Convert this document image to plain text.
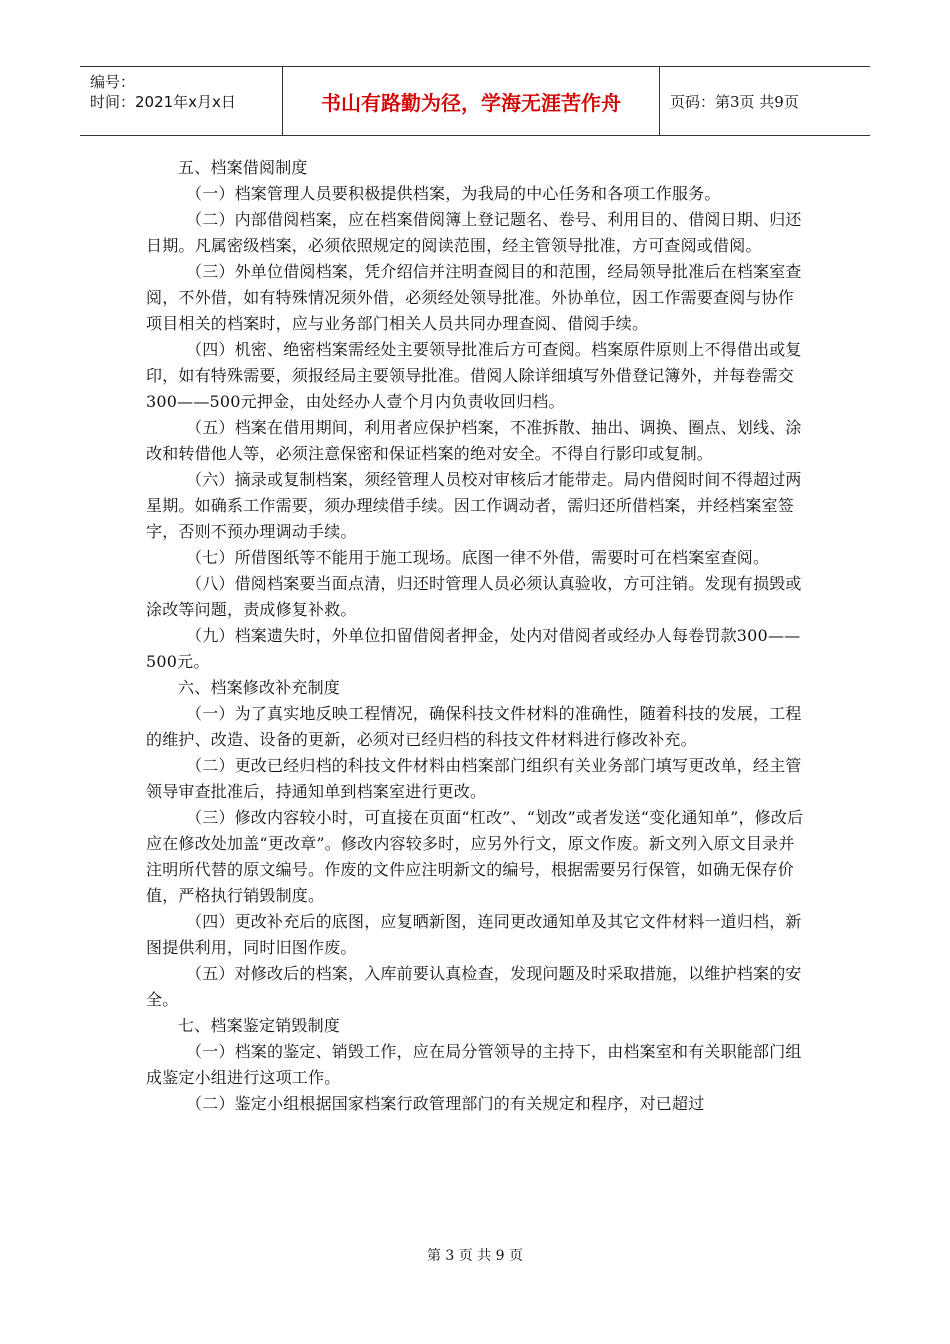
编号：
时间：2021年x月x日	书山有路勤为径，学海无涯苦作舟	页码：第3页 共9页

五、档案借阅制度

（一）档案管理人员要积极提供档案，为我局的中心任务和各项工作服务。

（二）内部借阅档案，应在档案借阅簿上登记题名、卷号、利用目的、借阅日期、归还日期。凡属密级档案，必须依照规定的阅读范围，经主管领导批准，方可查阅或借阅。

（三）外单位借阅档案，凭介绍信并注明查阅目的和范围，经局领导批准后在档案室查阅，不外借，如有特殊情况须外借，必须经处领导批准。外协单位，因工作需要查阅与协作项目相关的档案时，应与业务部门相关人员共同办理查阅、借阅手续。

（四）机密、绝密档案需经处主要领导批准后方可查阅。档案原件原则上不得借出或复印，如有特殊需要，须报经局主要领导批准。借阅人除详细填写外借登记簿外，并每卷需交300——500元押金，由处经办人壹个月内负责收回归档。

（五）档案在借用期间，利用者应保护档案，不准拆散、抽出、调换、圈点、划线、涂改和转借他人等，必须注意保密和保证档案的绝对安全。不得自行影印或复制。

（六）摘录或复制档案，须经管理人员校对审核后才能带走。局内借阅时间不得超过两星期。如确系工作需要，须办理续借手续。因工作调动者，需归还所借档案，并经档案室签字，否则不预办理调动手续。

（七）所借图纸等不能用于施工现场。底图一律不外借，需要时可在档案室查阅。

（八）借阅档案要当面点清，归还时管理人员必须认真验收，方可注销。发现有损毁或涂改等问题，责成修复补救。

（九）档案遗失时，外单位扣留借阅者押金，处内对借阅者或经办人每卷罚款300——500元。

六、档案修改补充制度

（一）为了真实地反映工程情况，确保科技文件材料的准确性，随着科技的发展，工程的维护、改造、设备的更新，必须对已经归档的科技文件材料进行修改补充。

（二）更改已经归档的科技文件材料由档案部门组织有关业务部门填写更改单，经主管领导审查批准后，持通知单到档案室进行更改。

（三）修改内容较小时，可直接在页面“杠改”、“划改”或者发送“变化通知单”，修改后应在修改处加盖“更改章”。修改内容较多时，应另外行文，原文作废。新文列入原文目录并注明所代替的原文编号。作废的文件应注明新文的编号，根据需要另行保管，如确无保存价值，严格执行销毁制度。

（四）更改补充后的底图，应复晒新图，连同更改通知单及其它文件材料一道归档，新图提供利用，同时旧图作废。

（五）对修改后的档案，入库前要认真检查，发现问题及时采取措施，以维护档案的安全。

七、档案鉴定销毁制度

（一）档案的鉴定、销毁工作，应在局分管领导的主持下，由档案室和有关职能部门组成鉴定小组进行这项工作。

（二）鉴定小组根据国家档案行政管理部门的有关规定和程序，对已超过

第 3 页 共 9 页
